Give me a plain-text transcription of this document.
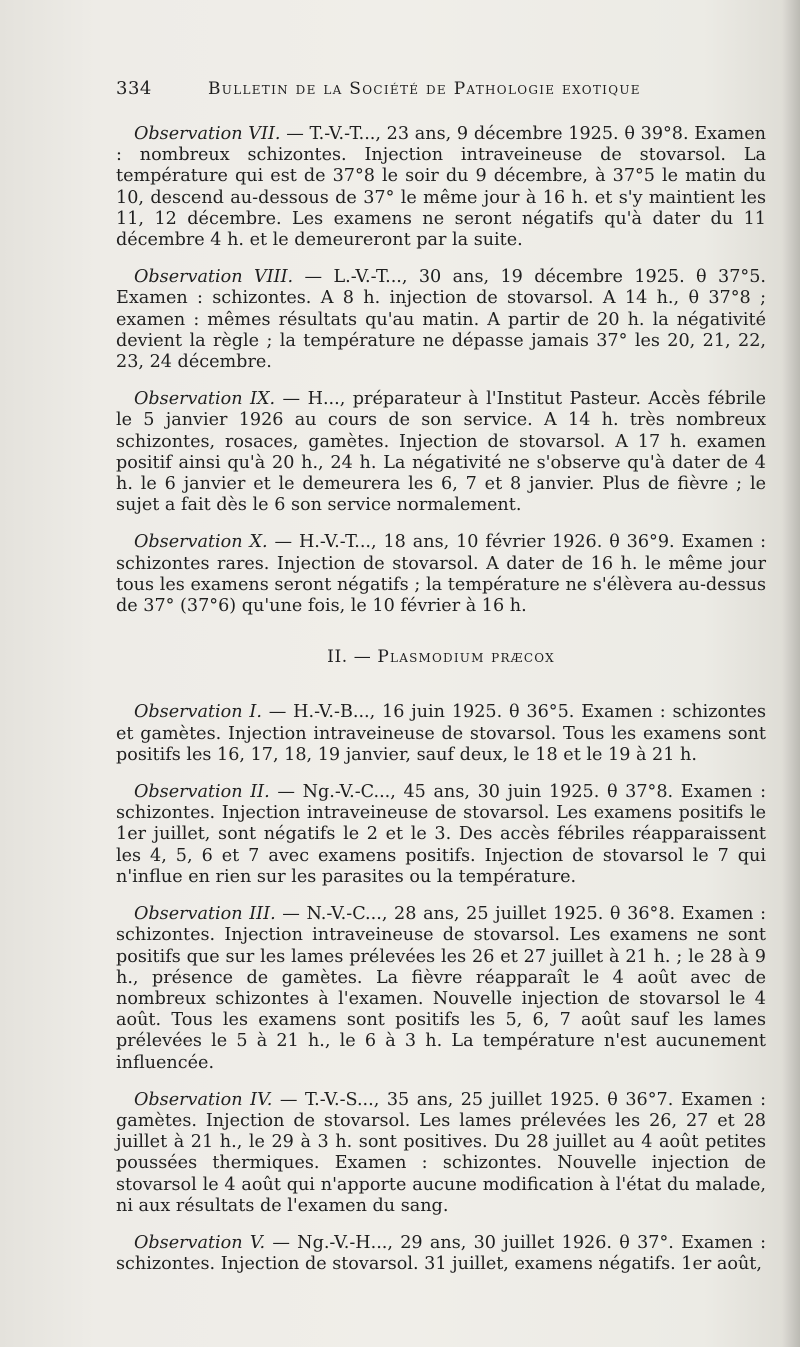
334	Bulletin de la Société de Pathologie exotique

Observation VII. — T.-V.-T..., 23 ans, 9 décembre 1925. θ 39°8. Examen : nombreux schizontes. Injection intraveineuse de stovarsol. La température qui est de 37°8 le soir du 9 décembre, à 37°5 le matin du 10, descend au-dessous de 37° le même jour à 16 h. et s'y maintient les 11, 12 décembre. Les examens ne seront négatifs qu'à dater du 11 décembre 4 h. et le demeureront par la suite.

Observation VIII. — L.-V.-T..., 30 ans, 19 décembre 1925. θ 37°5. Examen : schizontes. A 8 h. injection de stovarsol. A 14 h., θ 37°8 ; examen : mêmes résultats qu'au matin. A partir de 20 h. la négativité devient la règle ; la température ne dépasse jamais 37° les 20, 21, 22, 23, 24 décembre.

Observation IX. — H..., préparateur à l'Institut Pasteur. Accès fébrile le 5 janvier 1926 au cours de son service. A 14 h. très nombreux schizontes, rosaces, gamètes. Injection de stovarsol. A 17 h. examen positif ainsi qu'à 20 h., 24 h. La négativité ne s'observe qu'à dater de 4 h. le 6 janvier et le demeurera les 6, 7 et 8 janvier. Plus de fièvre ; le sujet a fait dès le 6 son service normalement.

Observation X. — H.-V.-T..., 18 ans, 10 février 1926. θ 36°9. Examen : schizontes rares. Injection de stovarsol. A dater de 16 h. le même jour tous les examens seront négatifs ; la température ne s'élèvera au-dessus de 37° (37°6) qu'une fois, le 10 février à 16 h.

II. — Plasmodium præcox

Observation I. — H.-V.-B..., 16 juin 1925. θ 36°5. Examen : schizontes et gamètes. Injection intraveineuse de stovarsol. Tous les examens sont positifs les 16, 17, 18, 19 janvier, sauf deux, le 18 et le 19 à 21 h.

Observation II. — Ng.-V.-C..., 45 ans, 30 juin 1925. θ 37°8. Examen : schizontes. Injection intraveineuse de stovarsol. Les examens positifs le 1er juillet, sont négatifs le 2 et le 3. Des accès fébriles réapparaissent les 4, 5, 6 et 7 avec examens positifs. Injection de stovarsol le 7 qui n'influe en rien sur les parasites ou la température.

Observation III. — N.-V.-C..., 28 ans, 25 juillet 1925. θ 36°8. Examen : schizontes. Injection intraveineuse de stovarsol. Les examens ne sont positifs que sur les lames prélevées les 26 et 27 juillet à 21 h. ; le 28 à 9 h., présence de gamètes. La fièvre réapparaît le 4 août avec de nombreux schizontes à l'examen. Nouvelle injection de stovarsol le 4 août. Tous les examens sont positifs les 5, 6, 7 août sauf les lames prélevées le 5 à 21 h., le 6 à 3 h. La température n'est aucunement influencée.

Observation IV. — T.-V.-S..., 35 ans, 25 juillet 1925. θ 36°7. Examen : gamètes. Injection de stovarsol. Les lames prélevées les 26, 27 et 28 juillet à 21 h., le 29 à 3 h. sont positives. Du 28 juillet au 4 août petites poussées thermiques. Examen : schizontes. Nouvelle injection de stovarsol le 4 août qui n'apporte aucune modification à l'état du malade, ni aux résultats de l'examen du sang.

Observation V. — Ng.-V.-H..., 29 ans, 30 juillet 1926. θ 37°. Examen : schizontes. Injection de stovarsol. 31 juillet, examens négatifs. 1er août,
